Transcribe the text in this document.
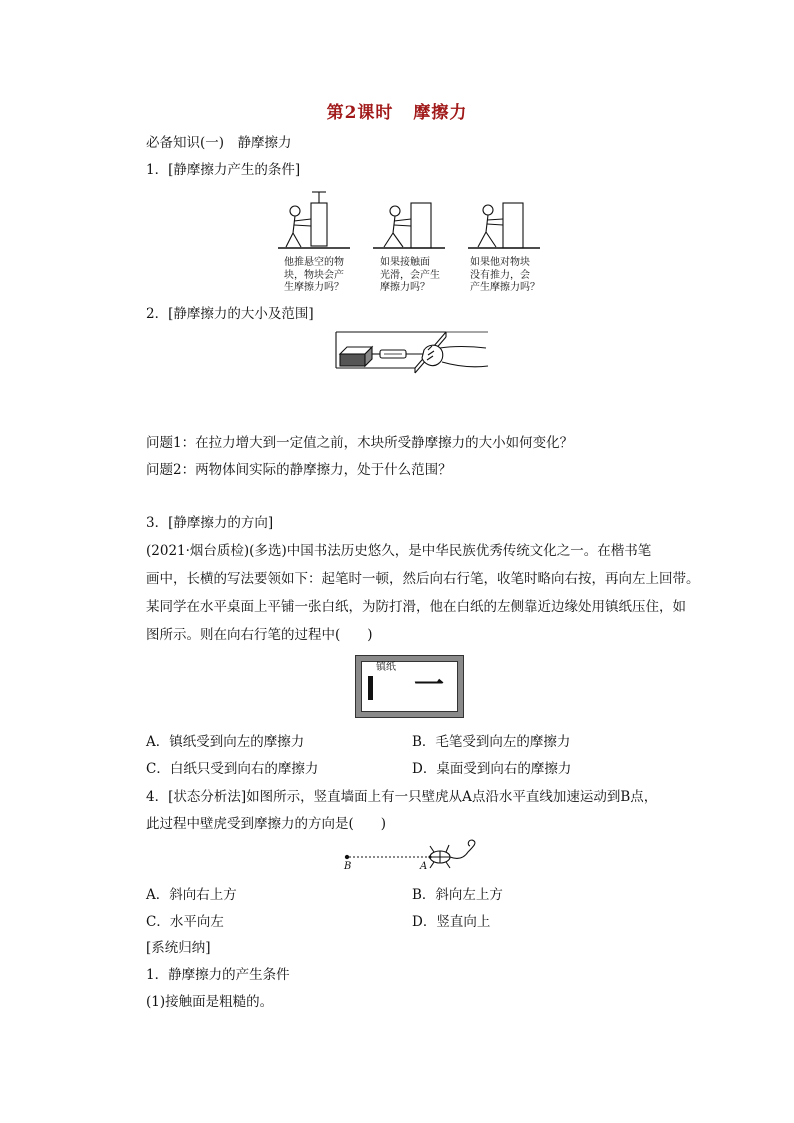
第2课时 摩擦力
必备知识(一)　静摩擦力
1．[静摩擦力产生的条件]
他推悬空的物
块，物块会产
生摩擦力吗？
如果接触面
光滑，会产生
摩擦力吗？
如果他对物块
没有推力，会
产生摩擦力吗？
2．[静摩擦力的大小及范围]
问题1：在拉力增大到一定值之前，木块所受静摩擦力的大小如何变化？
问题2：两物体间实际的静摩擦力，处于什么范围？
3．[静摩擦力的方向]
(2021·烟台质检)(多选)中国书法历史悠久，是中华民族优秀传统文化之一。在楷书笔
画中，长横的写法要领如下：起笔时一顿，然后向右行笔，收笔时略向右按，再向左上回带。
某同学在水平桌面上平铺一张白纸，为防打滑，他在白纸的左侧靠近边缘处用镇纸压住，如
图所示。则在向右行笔的过程中(　　)
镇纸
一
A．镇纸受到向左的摩擦力	B．毛笔受到向左的摩擦力
C．白纸只受到向右的摩擦力	D．桌面受到向右的摩擦力
4．[状态分析法]如图所示，竖直墙面上有一只壁虎从A点沿水平直线加速运动到B点，
此过程中壁虎受到摩擦力的方向是(　　)
B	A
A．斜向右上方	B．斜向左上方
C．水平向左	D．竖直向上
[系统归纳]
1．静摩擦力的产生条件
(1)接触面是粗糙的。
